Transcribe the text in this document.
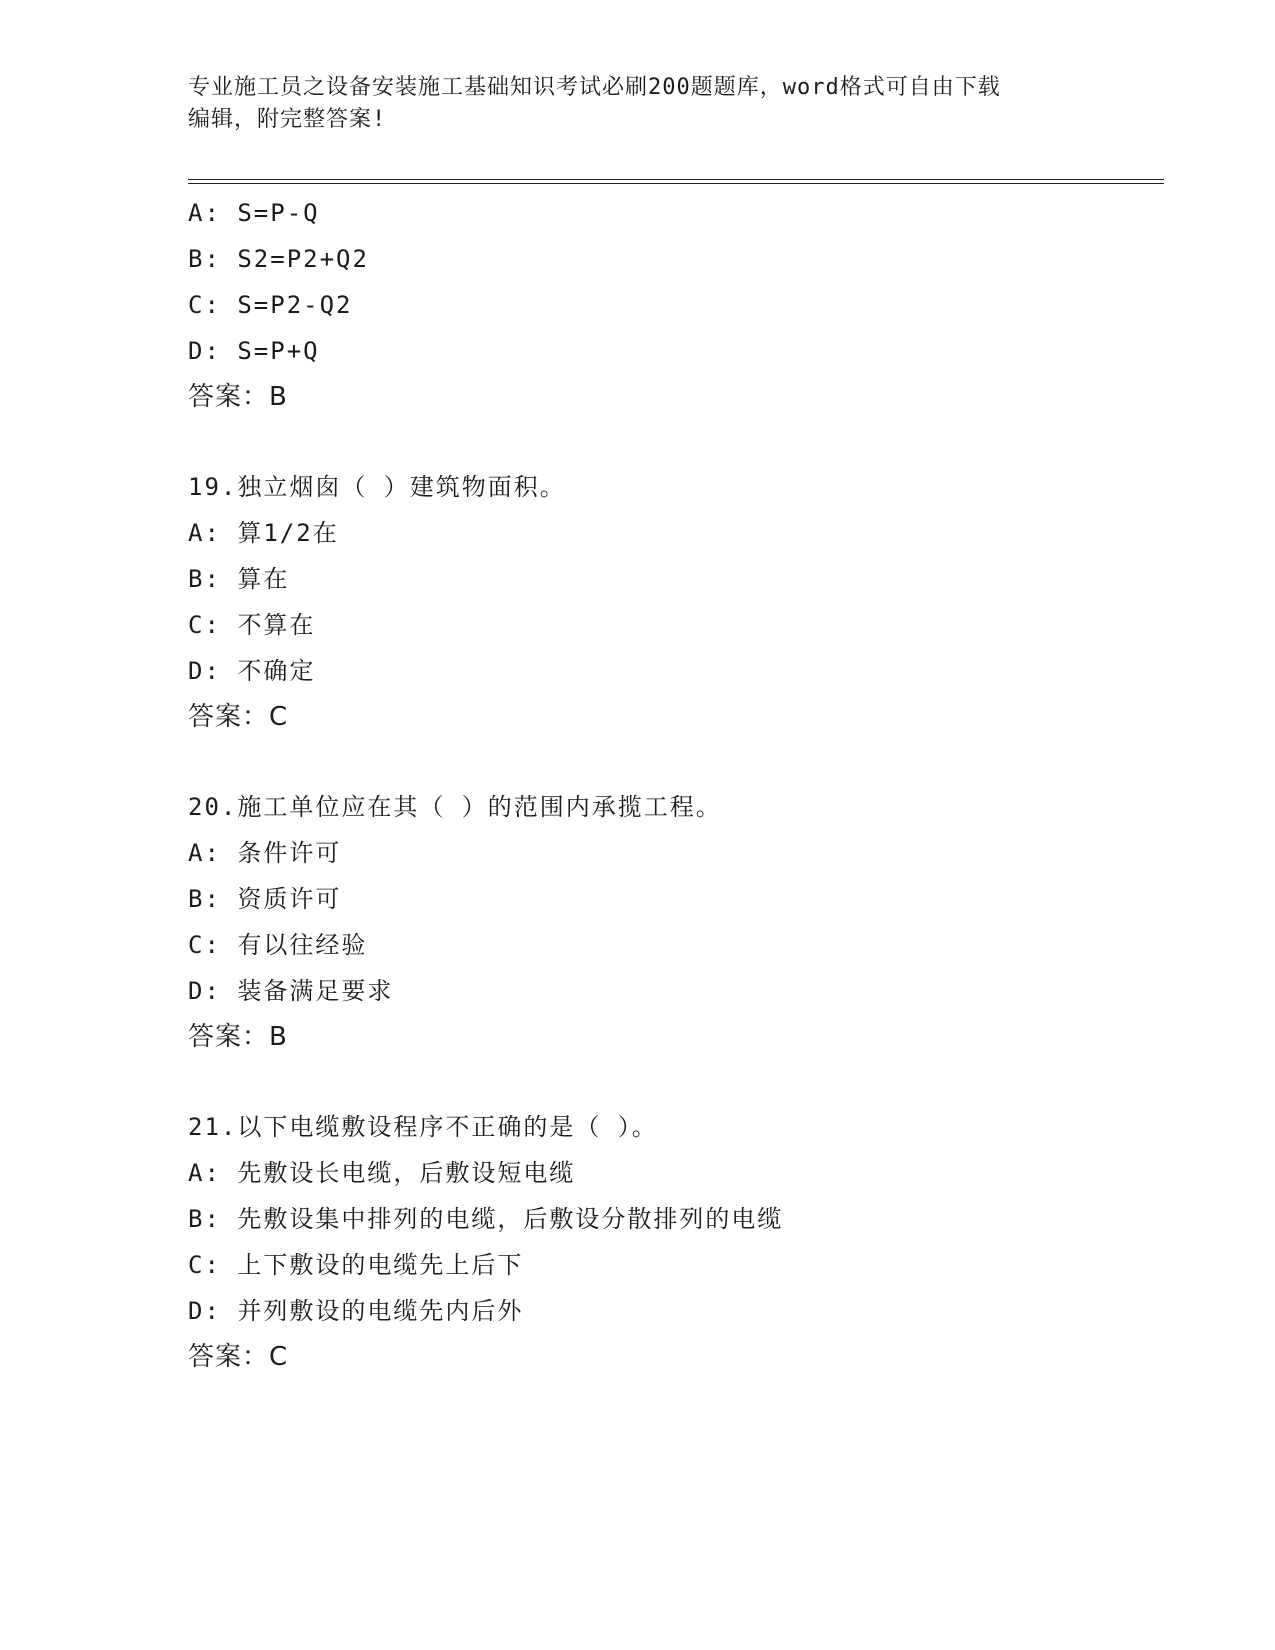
专业施工员之设备安装施工基础知识考试必刷200题题库，word格式可自由下载
编辑，附完整答案!
A: S=P-Q
B: S2=P2+Q2
C: S=P2-Q2
D: S=P+Q
答案：B
19.独立烟囱（ ）建筑物面积。
A: 算1/2在
B: 算在
C: 不算在
D: 不确定
答案：C
20.施工单位应在其（ ）的范围内承揽工程。
A: 条件许可
B: 资质许可
C: 有以往经验
D: 装备满足要求
答案：B
21.以下电缆敷设程序不正确的是（ ）。
A: 先敷设长电缆，后敷设短电缆
B: 先敷设集中排列的电缆，后敷设分散排列的电缆
C: 上下敷设的电缆先上后下
D: 并列敷设的电缆先内后外
答案：C
